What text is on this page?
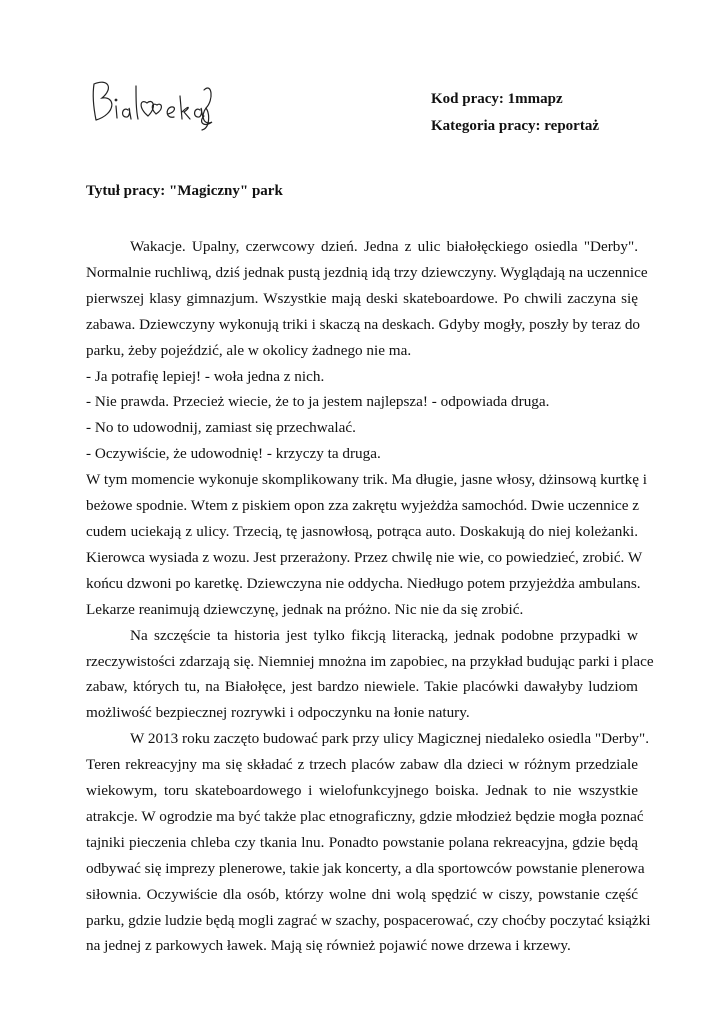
Kod pracy: 1mmapz
Kategoria pracy: reportaż
Tytuł pracy: "Magiczny" park
Wakacje. Upalny, czerwcowy dzień. Jedna z ulic białołęckiego osiedla "Derby".
Normalnie ruchliwą, dziś jednak pustą jezdnią idą trzy dziewczyny. Wyglądają na uczennice
pierwszej klasy gimnazjum. Wszystkie mają deski skateboardowe. Po chwili zaczyna się
zabawa. Dziewczyny wykonują triki i skaczą na deskach. Gdyby mogły, poszły by teraz do
parku, żeby pojeździć, ale w okolicy żadnego nie ma.
- Ja potrafię lepiej! - woła jedna z nich.
- Nie prawda. Przecież wiecie, że to ja jestem najlepsza! - odpowiada druga.
- No to udowodnij, zamiast się przechwalać.
- Oczywiście, że udowodnię! - krzyczy ta druga.
W tym momencie wykonuje skomplikowany trik. Ma długie, jasne włosy, dżinsową kurtkę i
beżowe spodnie. Wtem z piskiem opon zza zakrętu wyjeżdża samochód. Dwie uczennice z
cudem uciekają z ulicy. Trzecią, tę jasnowłosą, potrąca auto. Doskakują do niej koleżanki.
Kierowca wysiada z wozu. Jest przerażony. Przez chwilę nie wie, co powiedzieć, zrobić. W
końcu dzwoni po karetkę. Dziewczyna nie oddycha. Niedługo potem przyjeżdża ambulans.
Lekarze reanimują dziewczynę, jednak na próżno. Nic nie da się zrobić.
Na szczęście ta historia jest tylko fikcją literacką, jednak podobne przypadki w
rzeczywistości zdarzają się. Niemniej mnożna im zapobiec, na przykład budując parki i place
zabaw, których tu, na Białołęce, jest bardzo niewiele. Takie placówki dawałyby ludziom
możliwość bezpiecznej rozrywki i odpoczynku na łonie natury.
W 2013 roku zaczęto budować park przy ulicy Magicznej niedaleko osiedla "Derby".
Teren rekreacyjny ma się składać z trzech placów zabaw dla dzieci w różnym przedziale
wiekowym, toru skateboardowego i wielofunkcyjnego boiska. Jednak to nie wszystkie
atrakcje. W ogrodzie ma być także plac etnograficzny, gdzie młodzież będzie mogła poznać
tajniki pieczenia chleba czy tkania lnu. Ponadto powstanie polana rekreacyjna, gdzie będą
odbywać się imprezy plenerowe, takie jak koncerty, a dla sportowców powstanie plenerowa
siłownia. Oczywiście dla osób, którzy wolne dni wolą spędzić w ciszy, powstanie część
parku, gdzie ludzie będą mogli zagrać w szachy, pospacerować, czy choćby poczytać książki
na jednej z parkowych ławek. Mają się również pojawić nowe drzewa i krzewy.
